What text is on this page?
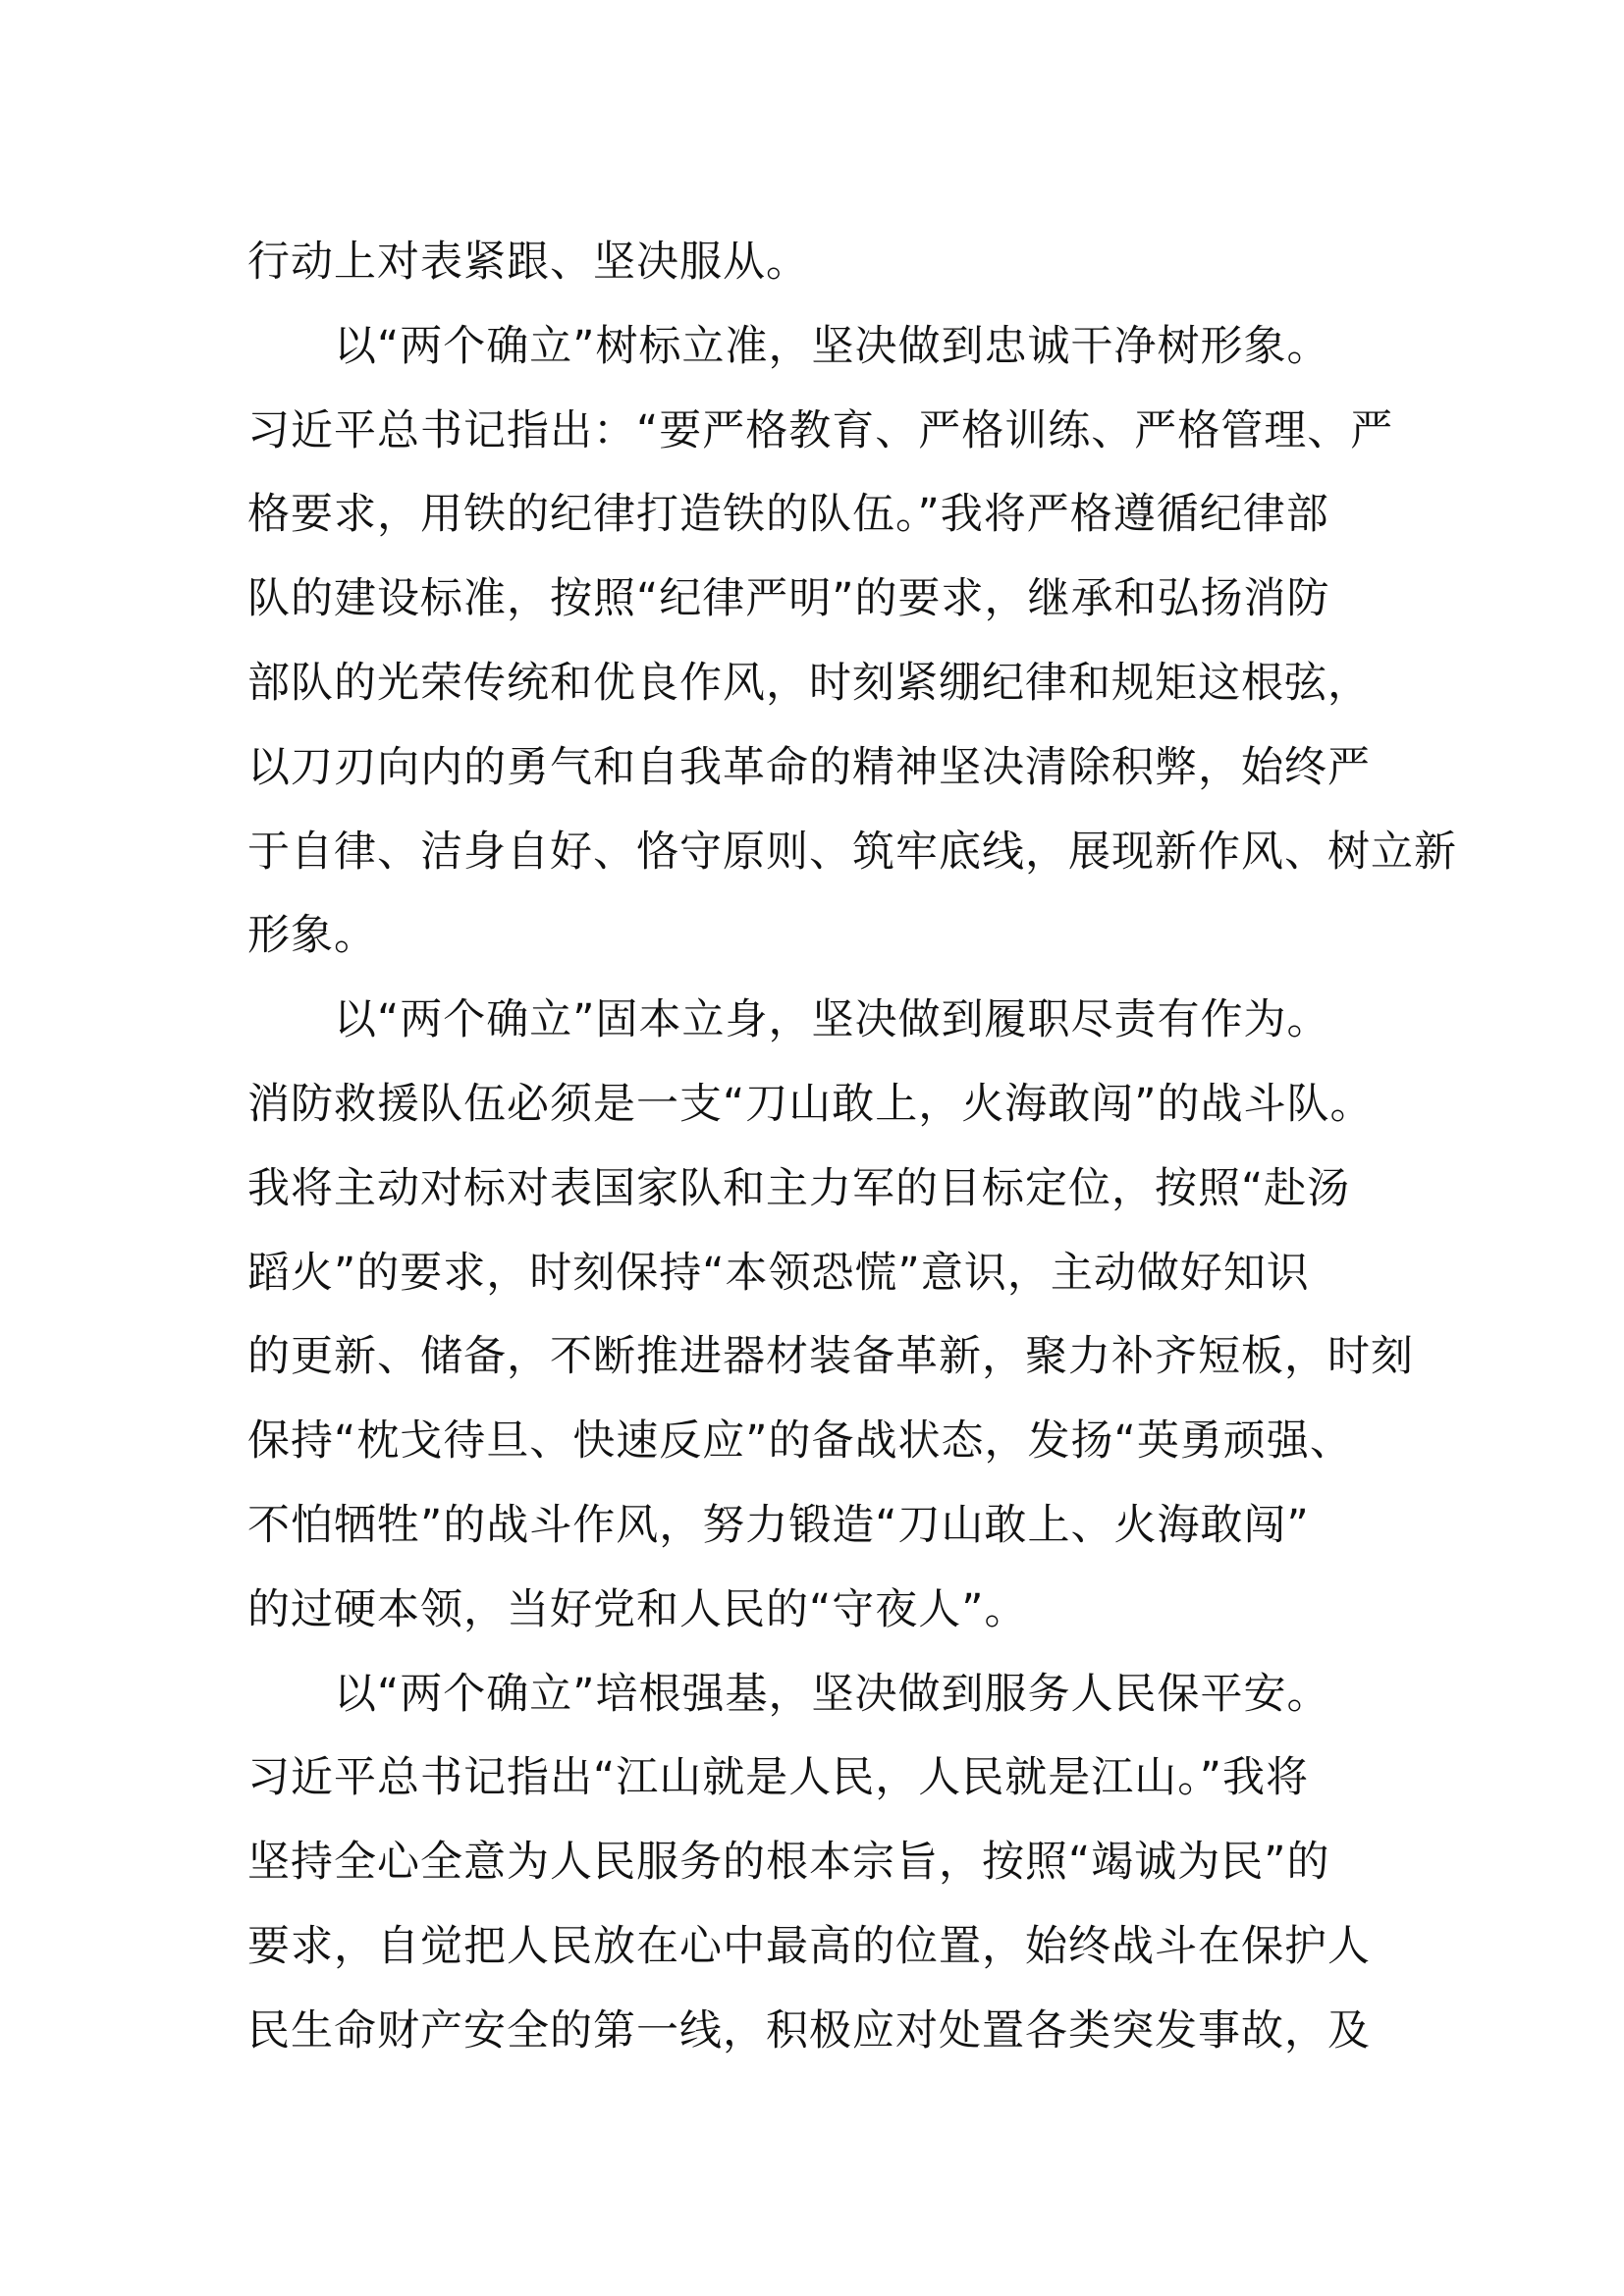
行动上对表紧跟、坚决服从。
以“两个确立”树标立准，坚决做到忠诚干净树形象。
习近平总书记指出：“要严格教育、严格训练、严格管理、严
格要求，用铁的纪律打造铁的队伍。”我将严格遵循纪律部
队的建设标准，按照“纪律严明”的要求，继承和弘扬消防
部队的光荣传统和优良作风，时刻紧绷纪律和规矩这根弦，
以刀刃向内的勇气和自我革命的精神坚决清除积弊，始终严
于自律、洁身自好、恪守原则、筑牢底线，展现新作风、树立新
形象。
以“两个确立”固本立身，坚决做到履职尽责有作为。
消防救援队伍必须是一支“刀山敢上，火海敢闯”的战斗队。
我将主动对标对表国家队和主力军的目标定位，按照“赴汤
蹈火”的要求，时刻保持“本领恐慌”意识，主动做好知识
的更新、储备，不断推进器材装备革新，聚力补齐短板，时刻
保持“枕戈待旦、快速反应”的备战状态，发扬“英勇顽强、
不怕牺牲”的战斗作风，努力锻造“刀山敢上、火海敢闯”
的过硬本领，当好党和人民的“守夜人”。
以“两个确立”培根强基，坚决做到服务人民保平安。
习近平总书记指出“江山就是人民，人民就是江山。”我将
坚持全心全意为人民服务的根本宗旨，按照“竭诚为民”的
要求，自觉把人民放在心中最高的位置，始终战斗在保护人
民生命财产安全的第一线，积极应对处置各类突发事故，及
